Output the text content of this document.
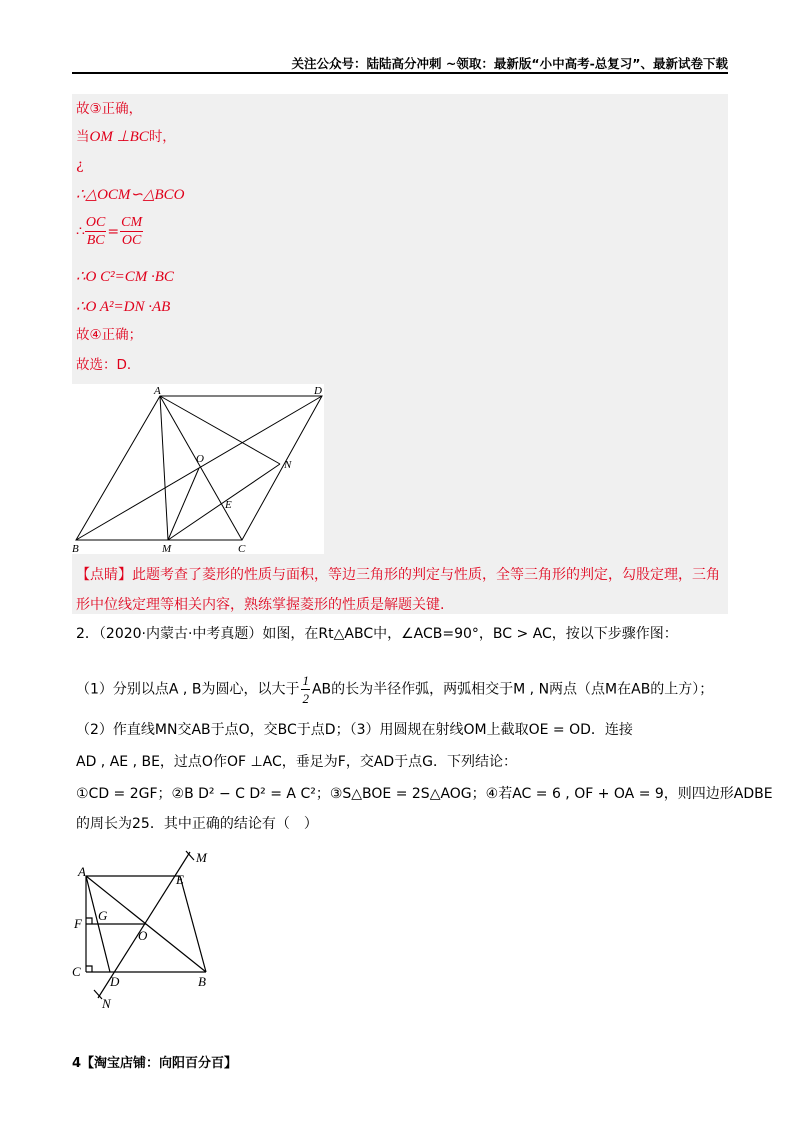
关注公众号：陆陆高分冲刺 ~领取：最新版“小中高考-总复习”、最新试卷下载
故③正确，
当OM ⊥BC时，
¿
∴△OCM∽△BCO
∴ $\frac{OC}{BC} = \frac{CM}{OC}$
∴O C²=CM ·BC
∴O A²=DN ·AB
故④正确；
故选：D．
A	D
O	N
E
B	M	C
【点睛】此题考查了菱形的性质与面积，等边三角形的判定与性质，全等三角形的判定，勾股定理，三角
形中位线定理等相关内容，熟练掌握菱形的性质是解题关键.
2．（2020·内蒙古·中考真题）如图，在Rt△ABC中，∠ACB=90°，BC > AC，按以下步骤作图：
（1）分别以点A , B为圆心，以大于 $\frac{1}{2}$ AB的长为半径作弧，两弧相交于M , N两点（点M在AB的上方）；
（2）作直线MN交AB于点O，交BC于点D；（3）用圆规在射线OM上截取OE = OD．连接
AD , AE , BE，过点O作OF ⊥AC，垂足为F，交AD于点G．下列结论：
①CD = 2GF；②B D² − C D² = A C²；③S△BOE = 2S△AOG；④若AC = 6 , OF + OA = 9，则四边形ADBE
的周长为25．其中正确的结论有（　）
A
E
M
F
G
O
C
D	B
N
4【淘宝店铺：向阳百分百】
